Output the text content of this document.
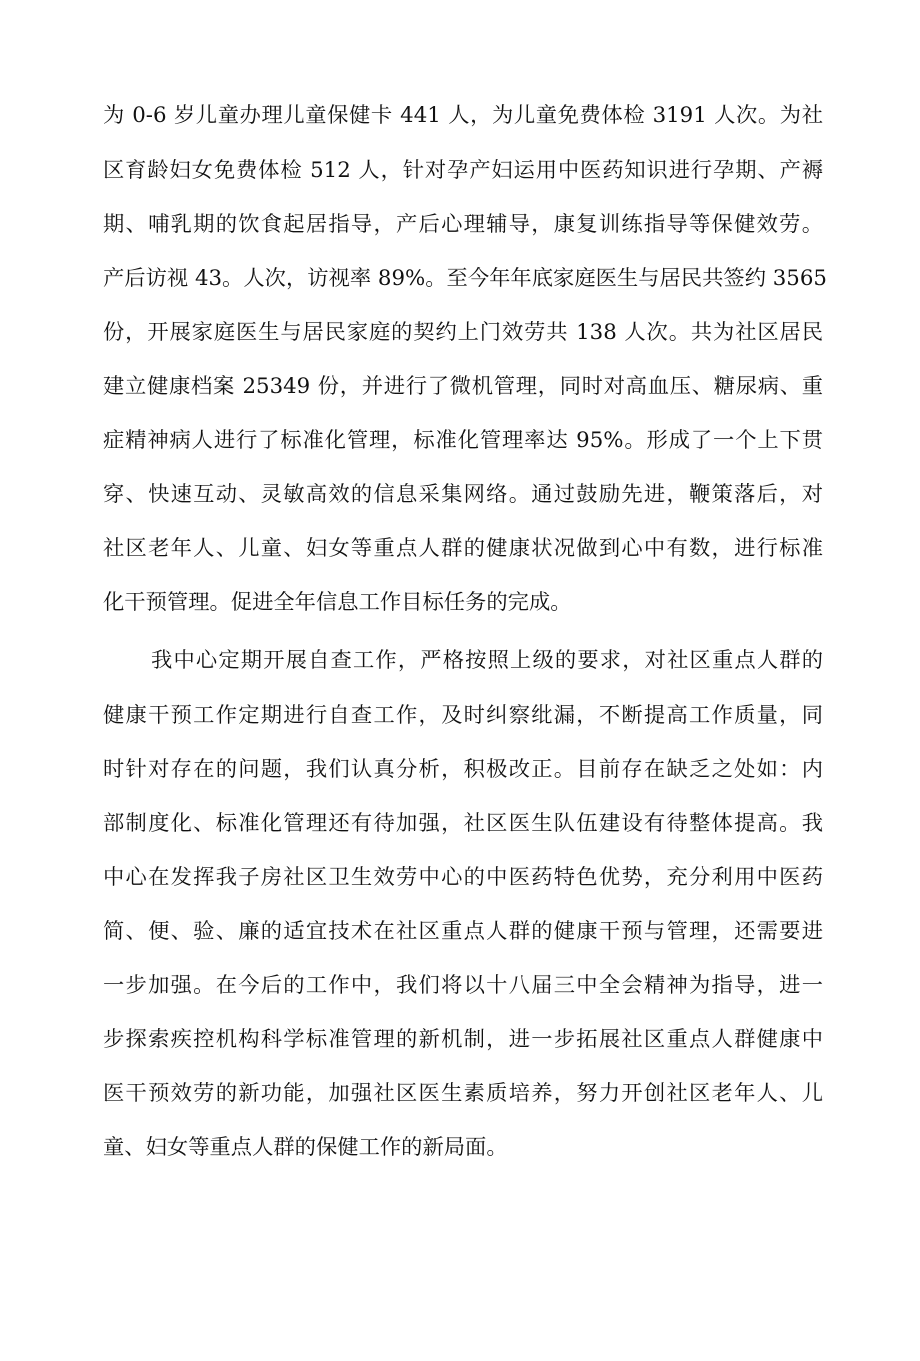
为 0-6 岁儿童办理儿童保健卡 441 人，为儿童免费体检 3191 人次。为社
区育龄妇女免费体检 512 人，针对孕产妇运用中医药知识进行孕期、产褥
期、哺乳期的饮食起居指导，产后心理辅导，康复训练指导等保健效劳。
产后访视 43。人次，访视率 89%。至今年年底家庭医生与居民共签约 3565
份，开展家庭医生与居民家庭的契约上门效劳共 138 人次。共为社区居民
建立健康档案 25349 份，并进行了微机管理，同时对高血压、糖尿病、重
症精神病人进行了标准化管理，标准化管理率达 95%。形成了一个上下贯
穿、快速互动、灵敏高效的信息采集网络。通过鼓励先进，鞭策落后，对
社区老年人、儿童、妇女等重点人群的健康状况做到心中有数，进行标准
化干预管理。促进全年信息工作目标任务的完成。
我中心定期开展自查工作，严格按照上级的要求，对社区重点人群的
健康干预工作定期进行自查工作，及时纠察纰漏，不断提高工作质量，同
时针对存在的问题，我们认真分析，积极改正。目前存在缺乏之处如：内
部制度化、标准化管理还有待加强，社区医生队伍建设有待整体提高。我
中心在发挥我子房社区卫生效劳中心的中医药特色优势，充分利用中医药
简、便、验、廉的适宜技术在社区重点人群的健康干预与管理，还需要进
一步加强。在今后的工作中，我们将以十八届三中全会精神为指导，进一
步探索疾控机构科学标准管理的新机制，进一步拓展社区重点人群健康中
医干预效劳的新功能，加强社区医生素质培养，努力开创社区老年人、儿
童、妇女等重点人群的保健工作的新局面。
